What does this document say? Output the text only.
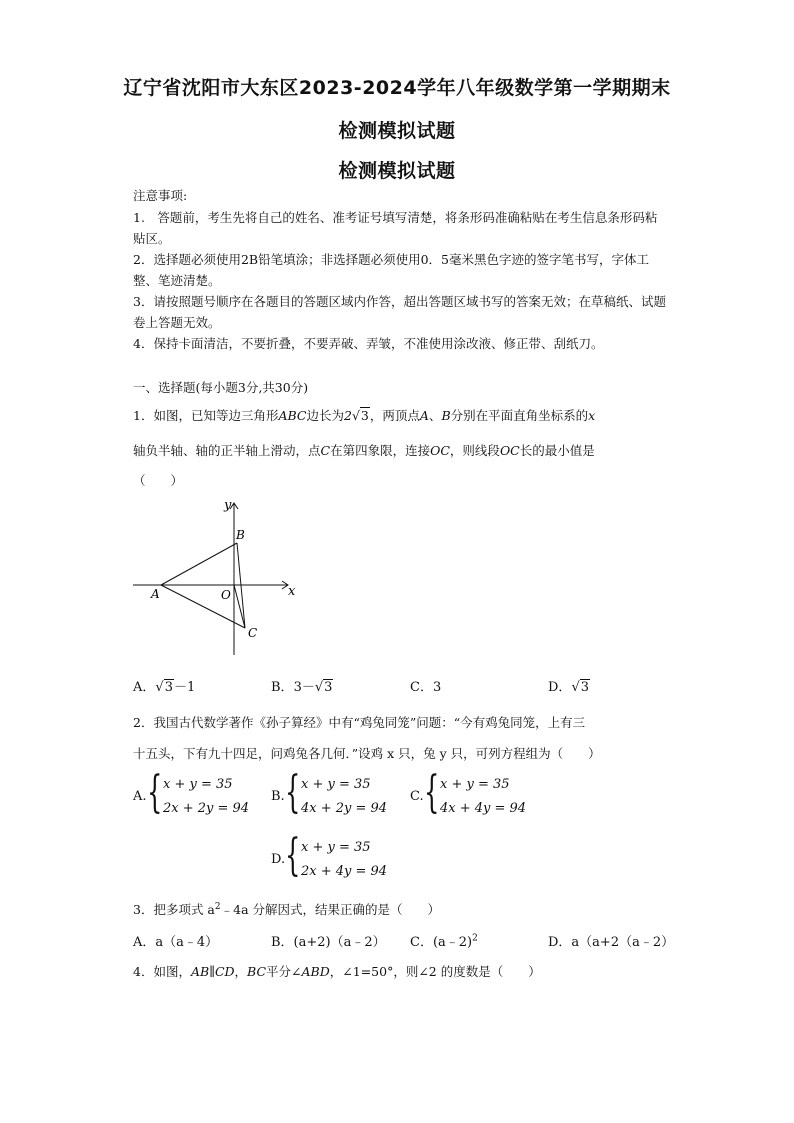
辽宁省沈阳市大东区2023-2024学年八年级数学第一学期期末
检测模拟试题
检测模拟试题
注意事项:
1.　答题前，考生先将自己的姓名、准考证号填写清楚，将条形码准确粘贴在考生信息条形码粘贴区。
2．选择题必须使用2B铅笔填涂；非选择题必须使用0．5毫米黑色字迹的签字笔书写，字体工整、笔迹清楚。
3．请按照题号顺序在各题目的答题区域内作答，超出答题区域书写的答案无效；在草稿纸、试题卷上答题无效。
4．保持卡面清洁，不要折叠，不要弄破、弄皱，不准使用涂改液、修正带、刮纸刀。
一、选择题(每小题3分,共30分)
1．如图，已知等边三角形ABC边长为2√3，两顶点A、B分别在平面直角坐标系的x
轴负半轴、轴的正半轴上滑动，点C在第四象限，连接OC，则线段OC长的最小值是
（　　）
y
B
A	O	x
C
A．√3－1	B．3－√3	C．3	D．√3
2．我国古代数学著作《孙子算经》中有“鸡兔同笼”问题：“今有鸡兔同笼，上有三
十五头，下有九十四足，问鸡兔各几何．”设鸡 x 只，兔 y 只，可列方程组为（　　）
A. { x + y = 35
2x + 2y = 94
B. { x + y = 35
4x + 2y = 94
C. { x + y = 35
4x + 4y = 94
D. { x + y = 35
2x + 4y = 94
3．把多项式 $a^2﹣4a$ 分解因式，结果正确的是（　　）
A．a（a﹣4）	B．(a+2)（a﹣2） C．(a﹣2)$^2$	D．a（a+2（a﹣2）
4．如图，AB∥CD，BC平分∠ABD，∠1=50°，则∠2 的度数是（　　）
